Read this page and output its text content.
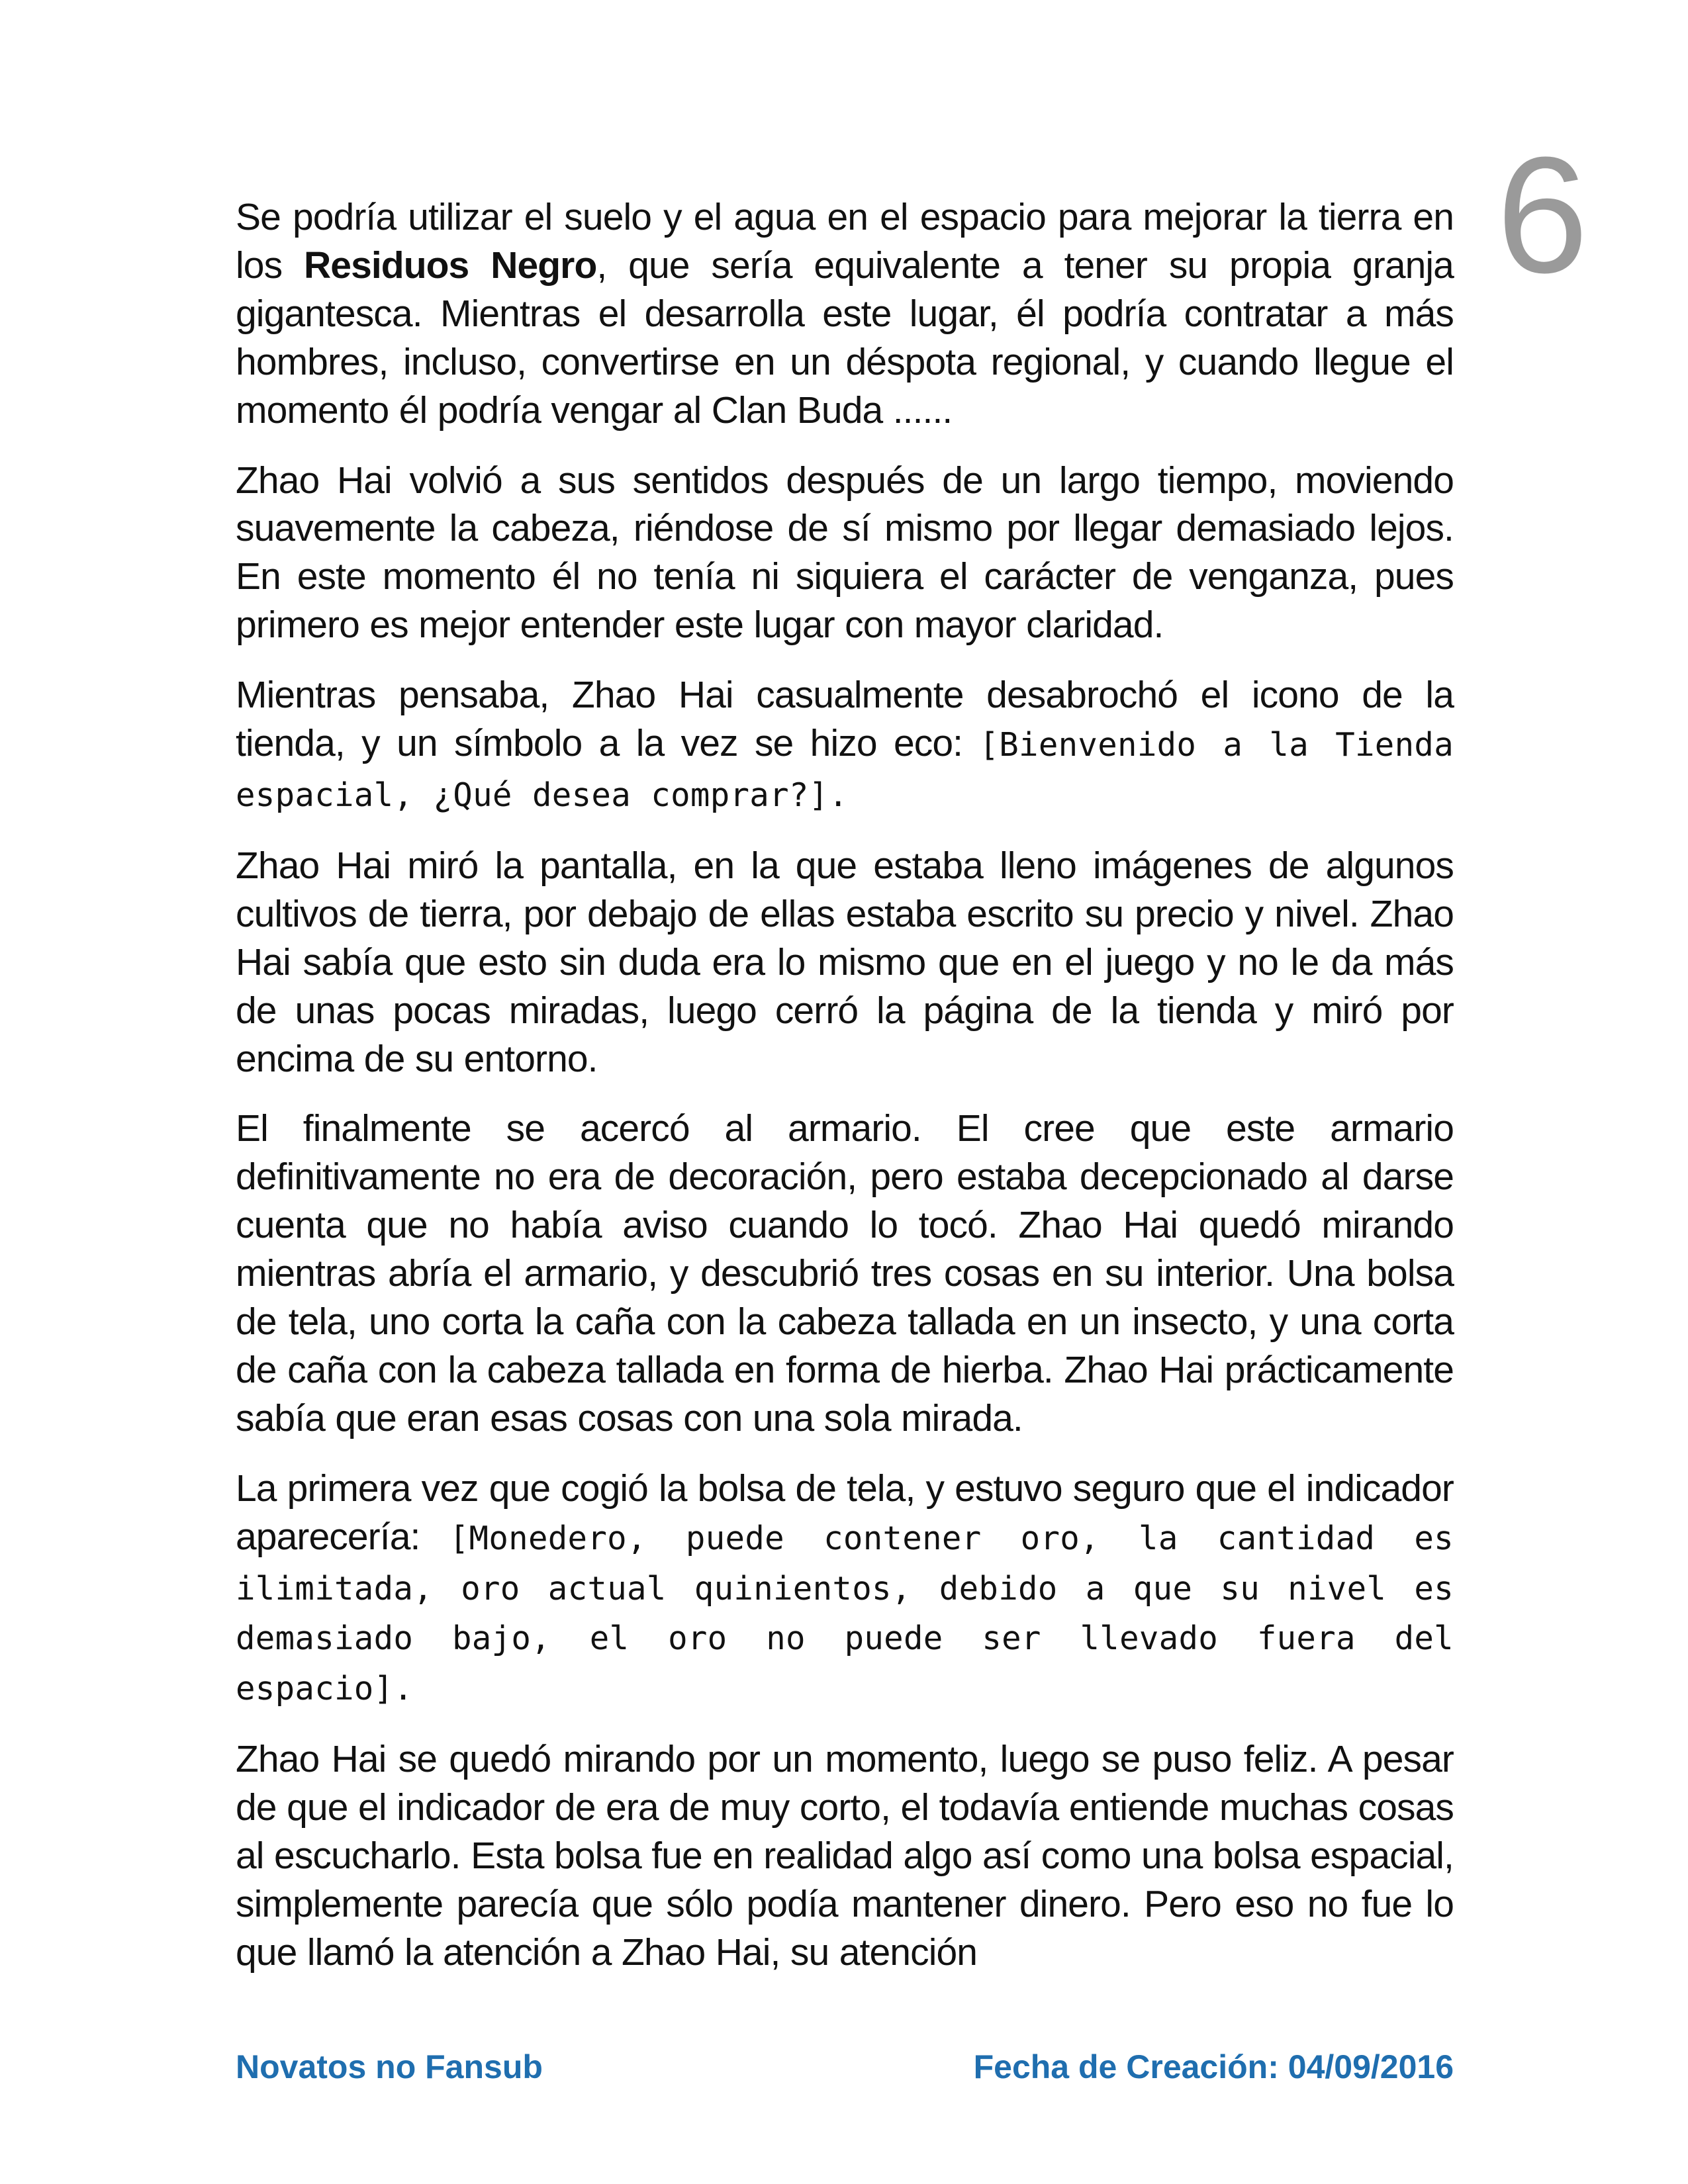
6

Se podría utilizar el suelo y el agua en el espacio para mejorar la tierra en los Residuos Negro, que sería equivalente a tener su propia granja gigantesca. Mientras el desarrolla este lugar, él podría contratar a más hombres, incluso, convertirse en un déspota regional, y cuando llegue el momento él podría vengar al Clan Buda ......

Zhao Hai volvió a sus sentidos después de un largo tiempo, moviendo suavemente la cabeza, riéndose de sí mismo por llegar demasiado lejos. En este momento él no tenía ni siquiera el carácter de venganza, pues primero es mejor entender este lugar con mayor claridad.

Mientras pensaba, Zhao Hai casualmente desabrochó el icono de la tienda, y un símbolo a la vez se hizo eco: [Bienvenido a la Tienda espacial, ¿Qué desea comprar?].

Zhao Hai miró la pantalla, en la que estaba lleno imágenes de algunos cultivos de tierra, por debajo de ellas estaba escrito su precio y nivel. Zhao Hai sabía que esto sin duda era lo mismo que en el juego y no le da más de unas pocas miradas, luego cerró la página de la tienda y miró por encima de su entorno.

El finalmente se acercó al armario. El cree que este armario definitivamente no era de decoración, pero estaba decepcionado al darse cuenta que no había aviso cuando lo tocó. Zhao Hai quedó mirando mientras abría el armario, y descubrió tres cosas en su interior. Una bolsa de tela, uno corta la caña con la cabeza tallada en un insecto, y una corta de caña con la cabeza tallada en forma de hierba. Zhao Hai prácticamente sabía que eran esas cosas con una sola mirada.

La primera vez que cogió la bolsa de tela, y estuvo seguro que el indicador aparecería: [Monedero, puede contener oro, la cantidad es ilimitada, oro actual quinientos, debido a que su nivel es demasiado bajo, el oro no puede ser llevado fuera del espacio].

Zhao Hai se quedó mirando por un momento, luego se puso feliz. A pesar de que el indicador de era de muy corto, el todavía entiende muchas cosas al escucharlo. Esta bolsa fue en realidad algo así como una bolsa espacial, simplemente parecía que sólo podía mantener dinero. Pero eso no fue lo que llamó la atención a Zhao Hai, su atención

Novatos no Fansub	Fecha de Creación: 04/09/2016
